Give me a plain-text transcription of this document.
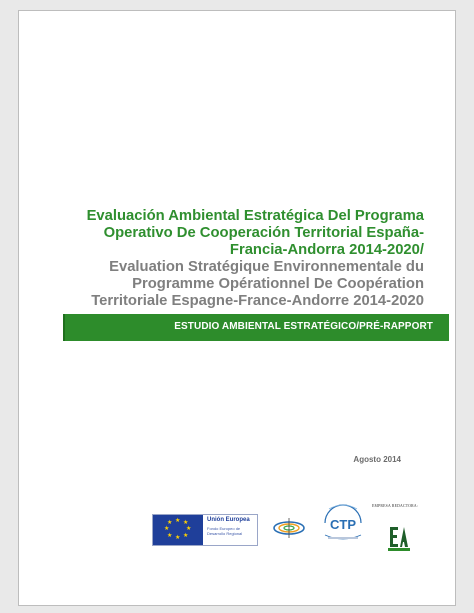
Evaluación Ambiental Estratégica Del Programa
Operativo De Cooperación Territorial España-
Francia-Andorra 2014-2020/
Evaluation Stratégique Environnementale du
Programme Opérationnel De Coopération
Territoriale Espagne-France-Andorre 2014-2020
ESTUDIO AMBIENTAL ESTRATÉGICO/PRÉ-RAPPORT
Agosto 2014
★ ★
★
★
★
★
★
★	Unión Europea
Fondo Europeo de Desarrollo Regional
CTP
EMPRESA REDACTORA:
